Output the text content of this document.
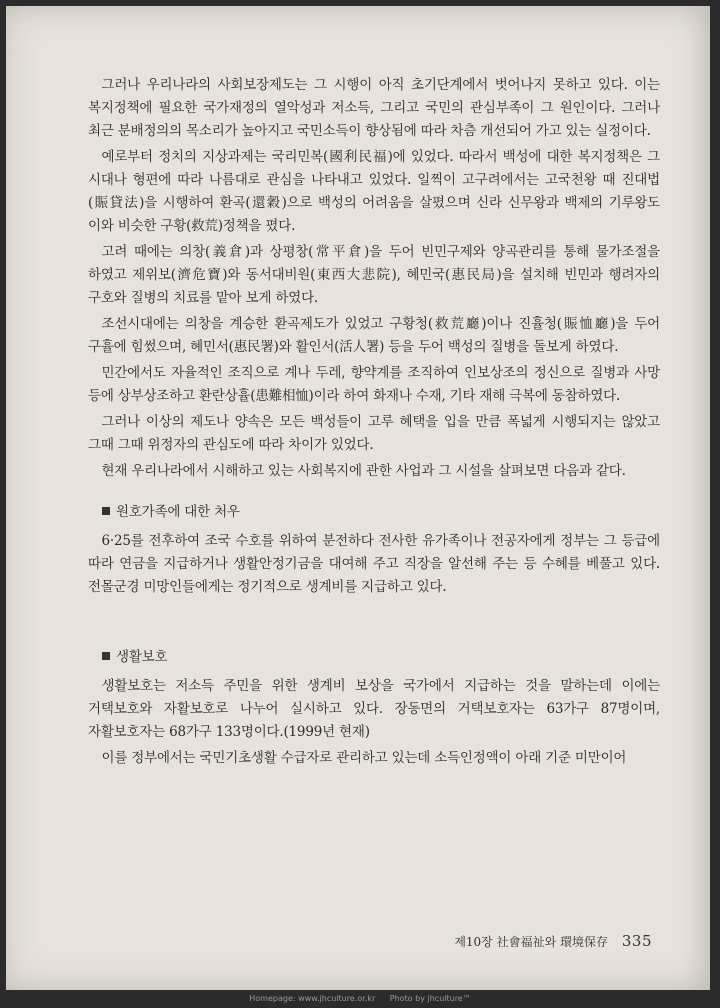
그러나 우리나라의 사회보장제도는 그 시행이 아직 초기단계에서 벗어나지 못하고 있다. 이는 복지정책에 필요한 국가재정의 열악성과 저소득, 그리고 국민의 관심부족이 그 원인이다. 그러나 최근 분배정의의 목소리가 높아지고 국민소득이 향상됨에 따라 차츰 개선되어 가고 있는 실정이다.

예로부터 정치의 지상과제는 국리민복(國利民福)에 있었다. 따라서 백성에 대한 복지정책은 그 시대나 형편에 따라 나름대로 관심을 나타내고 있었다. 일찍이 고구려에서는 고국천왕 때 진대법(賑貸法)을 시행하여 환곡(還穀)으로 백성의 어려움을 살폈으며 신라 신무왕과 백제의 기루왕도 이와 비슷한 구황(救荒)정책을 폈다.

고려 때에는 의창(義倉)과 상평창(常平倉)을 두어 빈민구제와 양곡관리를 통해 물가조절을 하였고 제위보(濟危寶)와 동서대비원(東西大悲院), 혜민국(惠民局)을 설치해 빈민과 행려자의 구호와 질병의 치료를 맡아 보게 하였다.

조선시대에는 의창을 계승한 환곡제도가 있었고 구황청(救荒廳)이나 진휼청(賑恤廳)을 두어 구휼에 힘썼으며, 혜민서(惠民署)와 활인서(活人署) 등을 두어 백성의 질병을 돌보게 하였다.

민간에서도 자율적인 조직으로 계나 두레, 향약계를 조직하여 인보상조의 정신으로 질병과 사망 등에 상부상조하고 환란상휼(患難相恤)이라 하여 화재나 수재, 기타 재해 극복에 동참하였다.

그러나 이상의 제도나 양속은 모든 백성들이 고루 혜택을 입을 만큼 폭넓게 시행되지는 않았고 그때 그때 위정자의 관심도에 따라 차이가 있었다.

현재 우리나라에서 시해하고 있는 사회복지에 관한 사업과 그 시설을 살펴보면 다음과 같다.

원호가족에 대한 처우

6·25를 전후하여 조국 수호를 위하여 분전하다 전사한 유가족이나 전공자에게 정부는 그 등급에 따라 연금을 지급하거나 생활안정기금을 대여해 주고 직장을 알선해 주는 등 수혜를 베풀고 있다. 전몰군경 미망인들에게는 정기적으로 생계비를 지급하고 있다.

생활보호

생활보호는 저소득 주민을 위한 생계비 보상을 국가에서 지급하는 것을 말하는데 이에는 거택보호와 자활보호로 나누어 실시하고 있다. 장동면의 거택보호자는 63가구 87명이며, 자활보호자는 68가구 133명이다.(1999년 현재)

이를 정부에서는 국민기초생활 수급자로 관리하고 있는데 소득인정액이 아래 기준 미만이어

제10장 社會福祉와 環境保存 335
Homepage: www.jhculture.or.kr Photo by jhculture™
